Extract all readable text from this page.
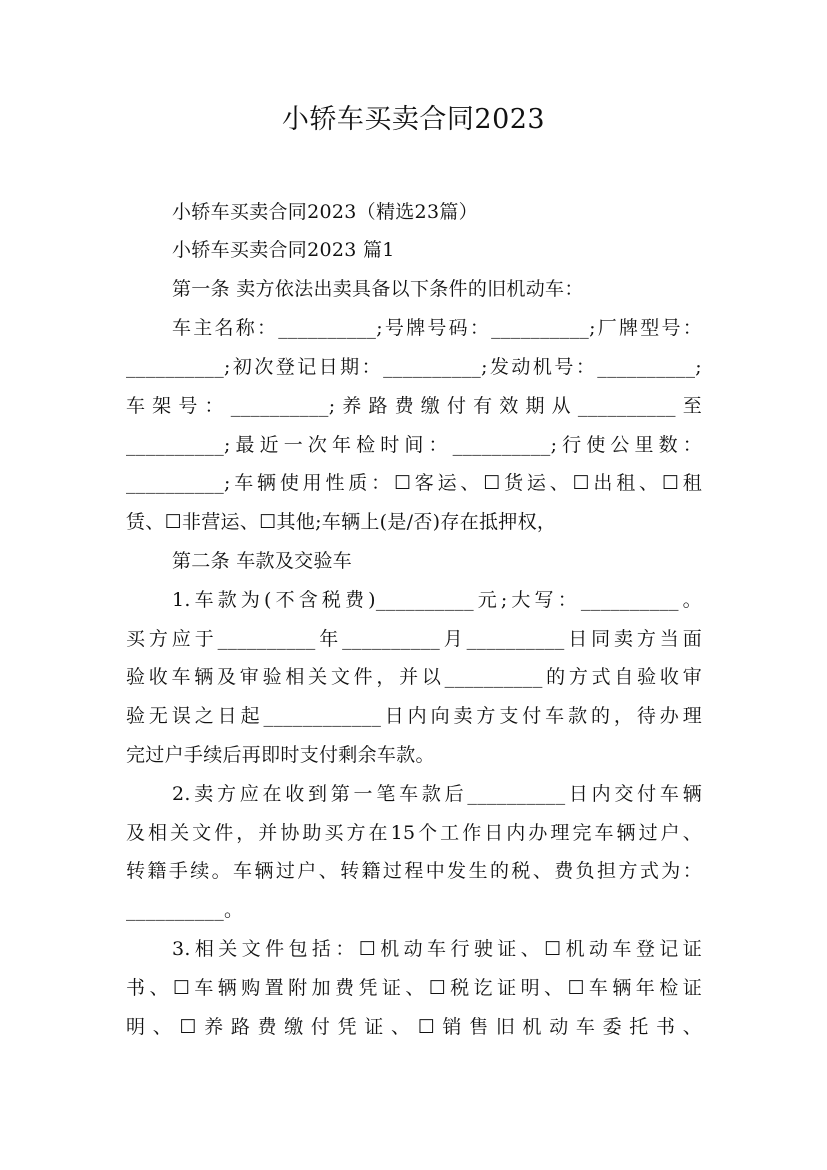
小轿车买卖合同2023
小轿车买卖合同2023（精选23篇）
小轿车买卖合同2023 篇1
第一条 卖方依法出卖具备以下条件的旧机动车：
车主名称：__________;号牌号码：__________;厂牌型号：
__________;初次登记日期：__________;发动机号：__________;
车架号：__________;养路费缴付有效期从__________至
__________;最近一次年检时间：__________;行使公里数：
__________;车辆使用性质：☐客运、☐货运、☐出租、☐租
赁、☐非营运、☐其他;车辆上(是/否)存在抵押权，
第二条 车款及交验车
1.车款为(不含税费)__________元;大写：__________。
买方应于__________年__________月__________日同卖方当面
验收车辆及审验相关文件，并以__________的方式自验收审
验无误之日起____________日内向卖方支付车款的，待办理
完过户手续后再即时支付剩余车款。
2.卖方应在收到第一笔车款后__________日内交付车辆
及相关文件，并协助买方在15个工作日内办理完车辆过户、
转籍手续。车辆过户、转籍过程中发生的税、费负担方式为：
__________。
3.相关文件包括：☐机动车行驶证、☐机动车登记证
书、☐车辆购置附加费凭证、☐税讫证明、☐车辆年检证
明、☐养路费缴付凭证、☐销售旧机动车委托书、
